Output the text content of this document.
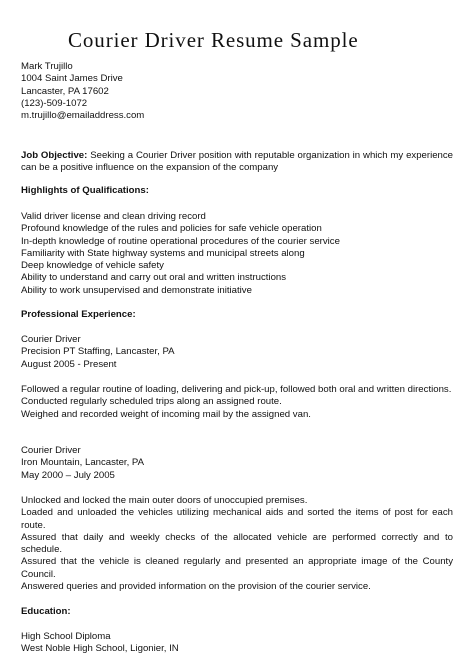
Courier Driver Resume Sample
Mark Trujillo
1004 Saint James Drive
Lancaster, PA 17602
(123)-509-1072
m.trujillo@emailaddress.com
Job Objective: Seeking a Courier Driver position with reputable organization in which my experience can be a positive influence on the expansion of the company
Highlights of Qualifications:
Valid driver license and clean driving record
Profound knowledge of the rules and policies for safe vehicle operation
In-depth knowledge of routine operational procedures of the courier service
Familiarity with State highway systems and municipal streets along
Deep knowledge of vehicle safety
Ability to understand and carry out oral and written instructions
Ability to work unsupervised and demonstrate initiative
Professional Experience:
Courier Driver
Precision PT Staffing, Lancaster, PA
August 2005 - Present
Followed a regular routine of loading, delivering and pick-up, followed both oral and written directions.
Conducted regularly scheduled trips along an assigned route.
Weighed and recorded weight of incoming mail by the assigned van.
Courier Driver
Iron Mountain, Lancaster, PA
May 2000 – July 2005
Unlocked and locked the main outer doors of unoccupied premises.
Loaded and unloaded the vehicles utilizing mechanical aids and sorted the items of post for each route.
Assured that daily and weekly checks of the allocated vehicle are performed correctly and to schedule.
Assured that the vehicle is cleaned regularly and presented an appropriate image of the County Council.
Answered queries and provided information on the provision of the courier service.
Education:
High School Diploma
West Noble High School, Ligonier, IN
